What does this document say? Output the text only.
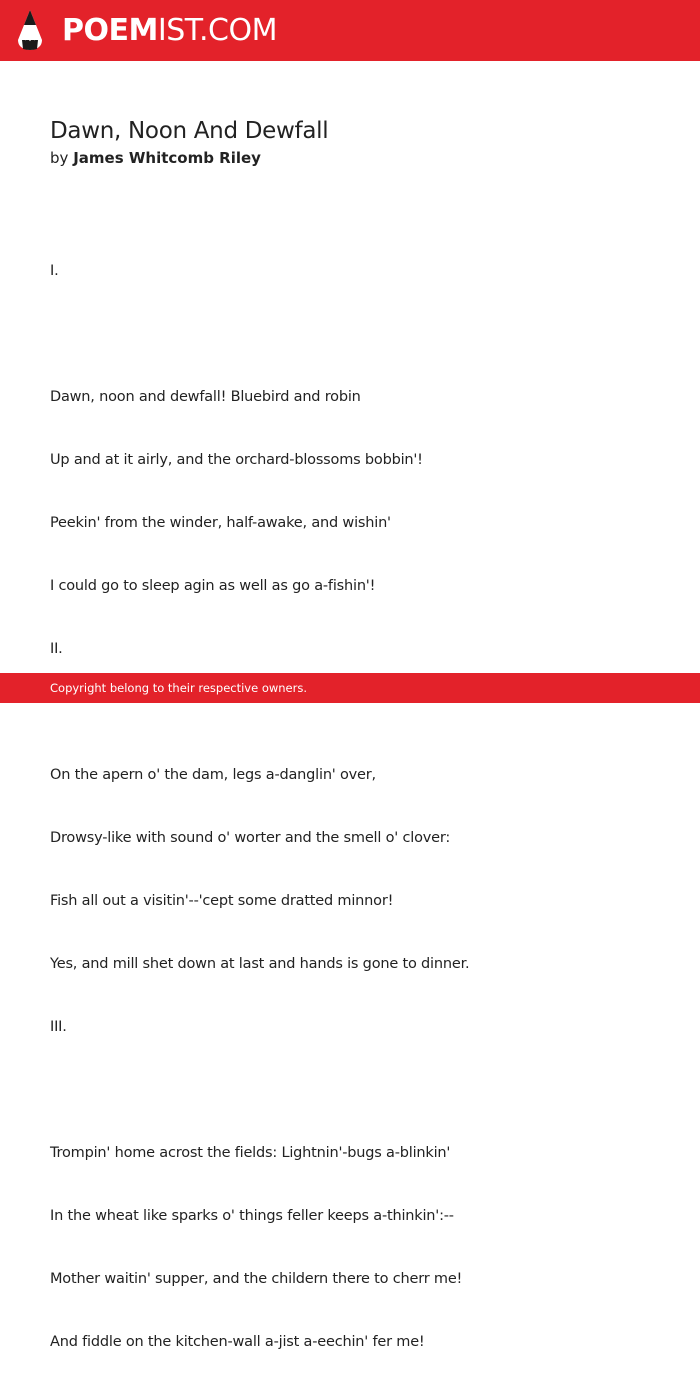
POEMIST.COM
Dawn, Noon And Dewfall
by James Whitcomb Riley

I.

Dawn, noon and dewfall! Bluebird and robin

Up and at it airly, and the orchard-blossoms bobbin'!

Peekin' from the winder, half-awake, and wishin'

I could go to sleep agin as well as go a-fishin'!

II.

On the apern o' the dam, legs a-danglin' over,

Drowsy-like with sound o' worter and the smell o' clover:

Fish all out a visitin'--'cept some dratted minnor!

Yes, and mill shet down at last and hands is gone to dinner.

III.

Trompin' home acrost the fields: Lightnin'-bugs a-blinkin'

In the wheat like sparks o' things feller keeps a-thinkin':--

Mother waitin' supper, and the childern there to cherr me!

And fiddle on the kitchen-wall a-jist a-eechin' fer me!

Copyright belong to their respective owners.
